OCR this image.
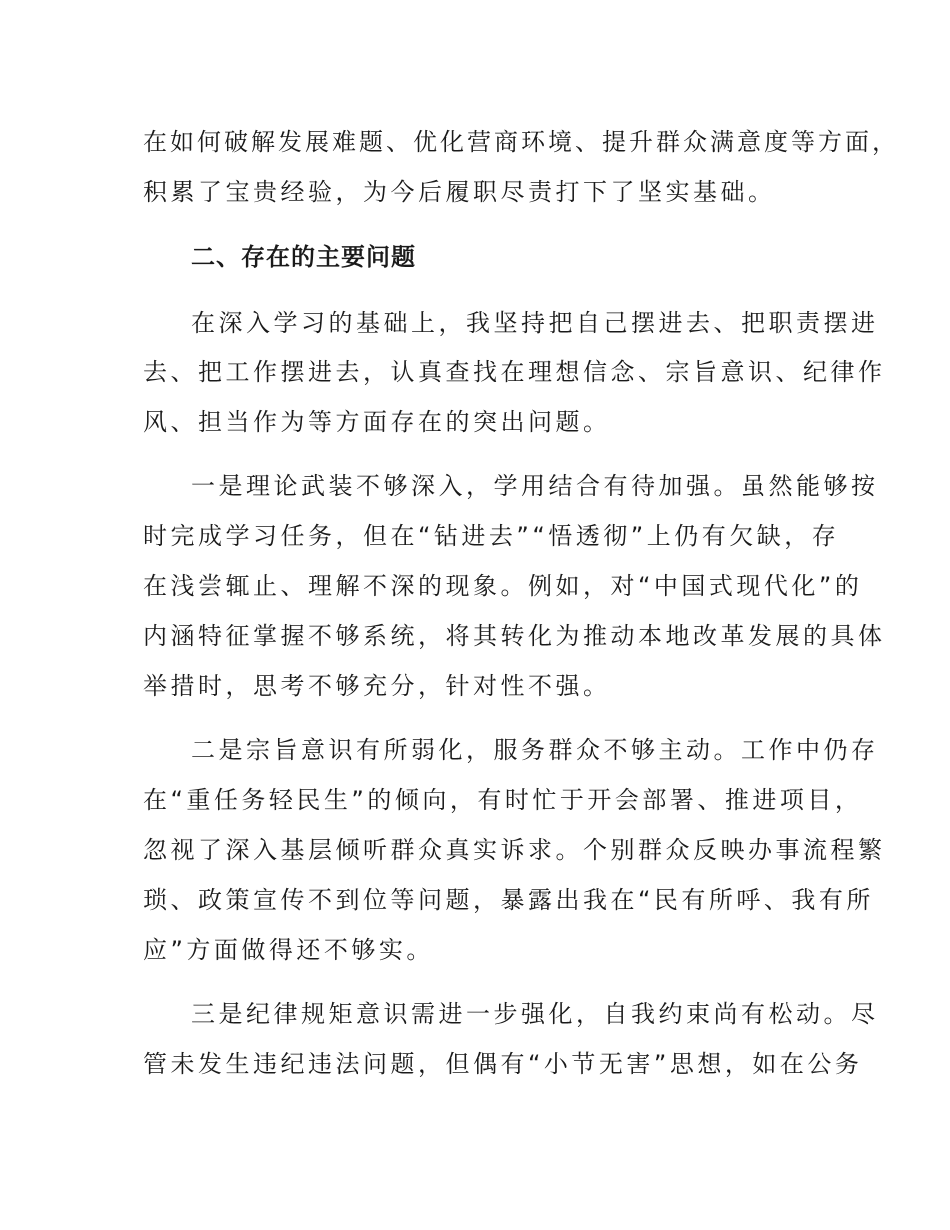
在如何破解发展难题、优化营商环境、提升群众满意度等方面，
积累了宝贵经验，为今后履职尽责打下了坚实基础。
二、存在的主要问题
在深入学习的基础上，我坚持把自己摆进去、把职责摆进
去、把工作摆进去，认真查找在理想信念、宗旨意识、纪律作
风、担当作为等方面存在的突出问题。
一是理论武装不够深入，学用结合有待加强。虽然能够按
时完成学习任务，但在“钻进去”“悟透彻”上仍有欠缺，存
在浅尝辄止、理解不深的现象。例如，对“中国式现代化”的
内涵特征掌握不够系统，将其转化为推动本地改革发展的具体
举措时，思考不够充分，针对性不强。
二是宗旨意识有所弱化，服务群众不够主动。工作中仍存
在“重任务轻民生”的倾向，有时忙于开会部署、推进项目，
忽视了深入基层倾听群众真实诉求。个别群众反映办事流程繁
琐、政策宣传不到位等问题，暴露出我在“民有所呼、我有所
应”方面做得还不够实。
三是纪律规矩意识需进一步强化，自我约束尚有松动。尽
管未发生违纪违法问题，但偶有“小节无害”思想，如在公务
